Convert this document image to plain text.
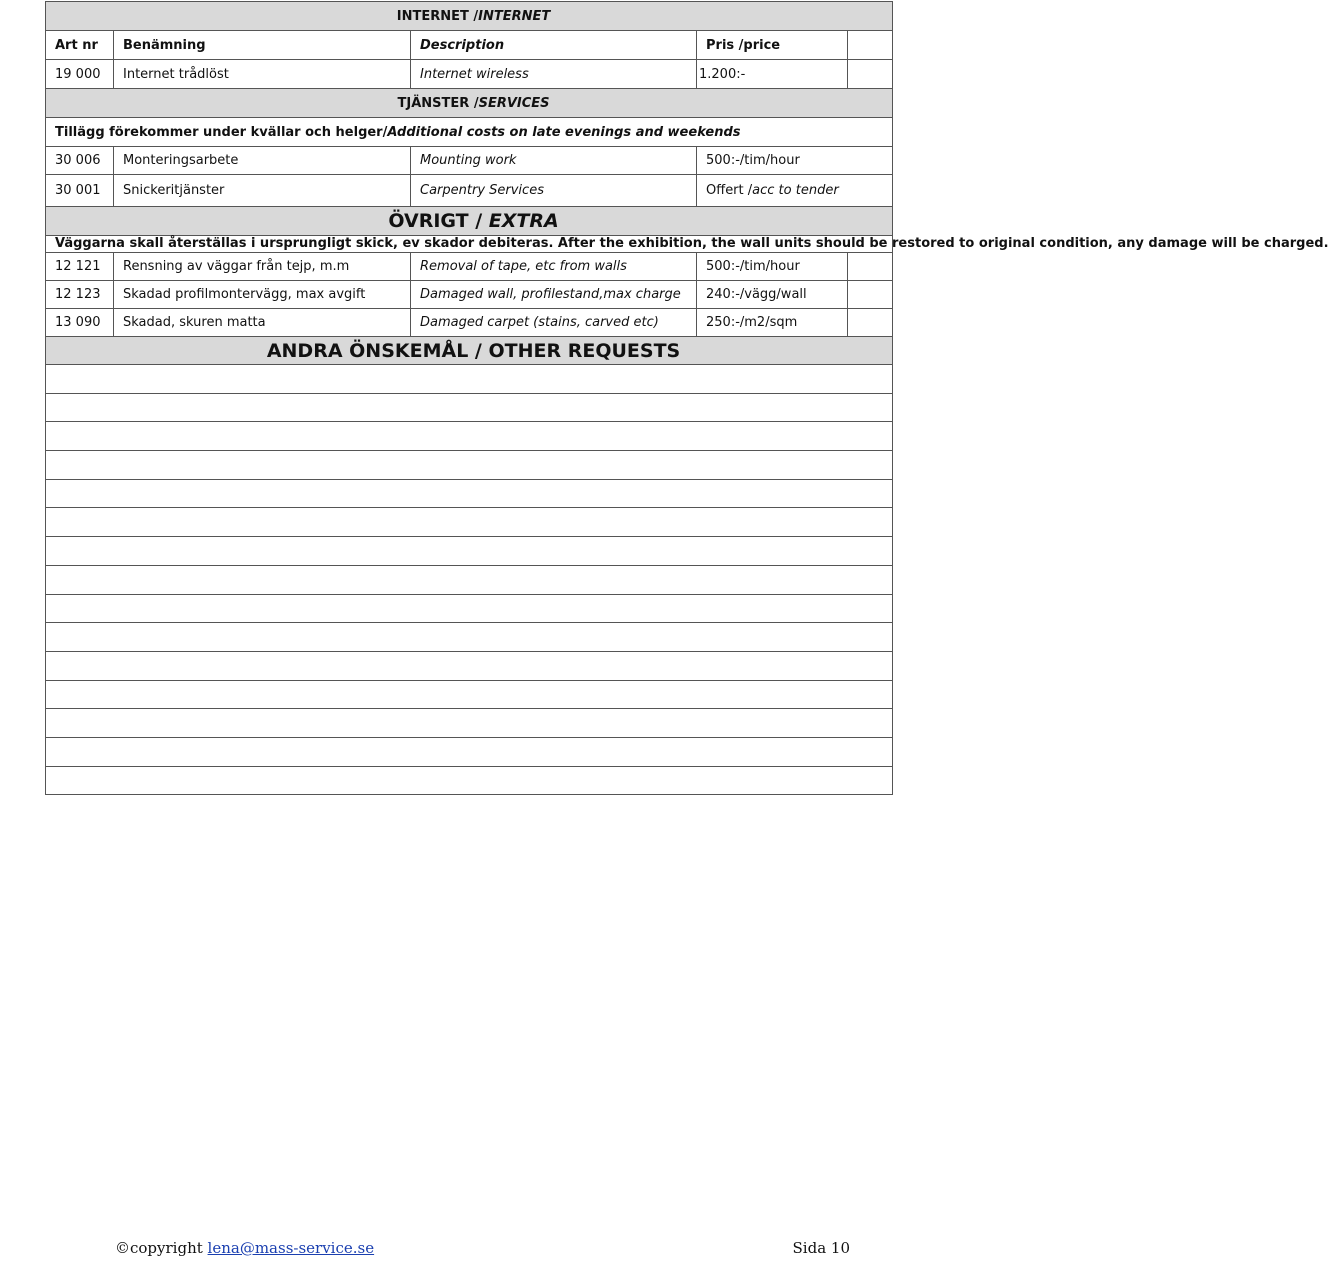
INTERNET /INTERNET				
Art nr	Benämning	Description	Pris /price	
19 000	Internet trådlöst	Internet wireless	1.200:-	
TJÄNSTER /SERVICES				
Tillägg förekommer under kvällar och helger/Additional costs on late evenings and weekends				
30 006	Monteringsarbete	Mounting work	500:-/tim/hour	
30 001	Snickeritjänster	Carpentry Services	Offert /acc to tender	
ÖVRIGT / EXTRA				
Väggarna skall återställas i ursprungligt skick, ev skador debiteras. After the exhibition, the wall units should be restored to original condition, any damage will be charged.				
12 121	Rensning av väggar från tejp, m.m	Removal of tape, etc from walls	500:-/tim/hour	
12 123	Skadad profilmontervägg, max avgift	Damaged wall, profilestand,max charge	240:-/vägg/wall	
13 090	Skadad, skuren matta	Damaged carpet (stains, carved etc)	250:-/m2/sqm	
ANDRA ÖNSKEMÅL / OTHER REQUESTS				

©copyright lena@mass-service.se	Sida 10
